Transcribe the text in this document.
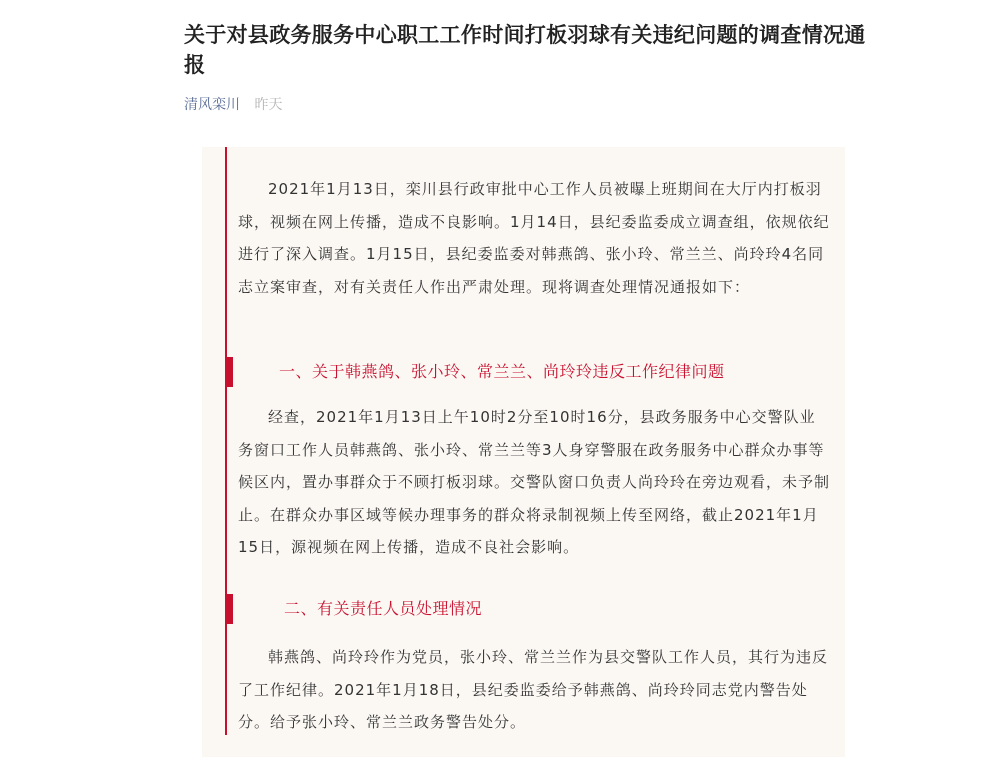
关于对县政务服务中心职工工作时间打板羽球有关违纪问题的调查情况通报
清风栾川 昨天

2021年1月13日，栾川县行政审批中心工作人员被曝上班期间在大厅内打板羽球，视频在网上传播，造成不良影响。1月14日，县纪委监委成立调查组，依规依纪进行了深入调查。1月15日，县纪委监委对韩燕鸽、张小玲、常兰兰、尚玲玲4名同志立案审查，对有关责任人作出严肃处理。现将调查处理情况通报如下：

一、关于韩燕鸽、张小玲、常兰兰、尚玲玲违反工作纪律问题

经查，2021年1月13日上午10时2分至10时16分，县政务服务中心交警队业务窗口工作人员韩燕鸽、张小玲、常兰兰等3人身穿警服在政务服务中心群众办事等候区内，置办事群众于不顾打板羽球。交警队窗口负责人尚玲玲在旁边观看，未予制止。在群众办事区域等候办理事务的群众将录制视频上传至网络，截止2021年1月15日，源视频在网上传播，造成不良社会影响。

二、有关责任人员处理情况

韩燕鸽、尚玲玲作为党员，张小玲、常兰兰作为县交警队工作人员，其行为违反了工作纪律。2021年1月18日，县纪委监委给予韩燕鸽、尚玲玲同志党内警告处分。给予张小玲、常兰兰政务警告处分。
